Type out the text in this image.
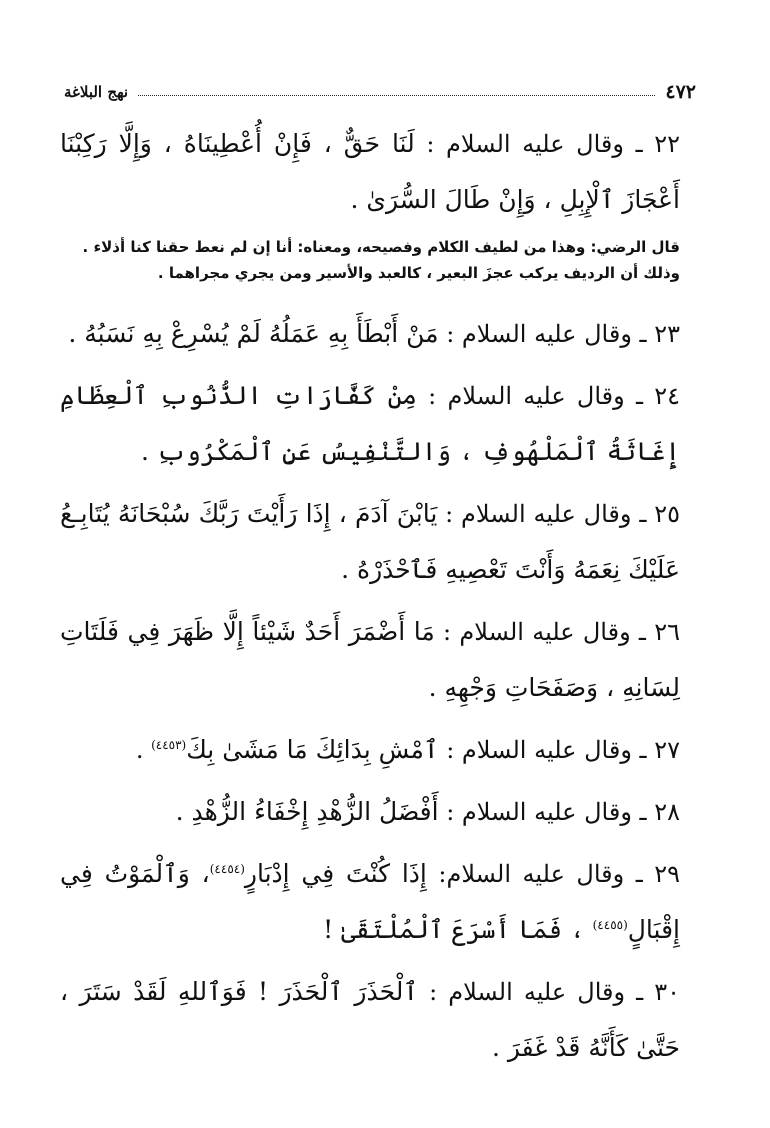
٤٧٢
نهج البلاغة

٢٢ ـ وقال عليه السلام : لَنَا حَقٌّ ، فَإِنْ أُعْطِينَاهُ ، وَإِلَّا رَكِبْنَا أَعْجَازَ ٱلْإِبِلِ ، وَإِنْ طَالَ السُّرَىٰ .

قال الرضي: وهذا من لطيف الكلام وفصيحه، ومعناه: أنا إن لم نعط حقنا كنا أذلاء .
وذلك أن الرديف يركب عجزَ البعير ، كالعبد والأسير ومن يجري مجراهما .

٢٣ ـ وقال عليه السلام : مَنْ أَبْطَأَ بِهِ عَمَلُهُ لَمْ يُسْرِعْ بِهِ نَسَبُهُ .

٢٤ ـ وقال عليه السلام : مِنْ كَفَّارَاتِ الذُّنُوبِ ٱلْعِظَامِ إِغَاثَةُ ٱلْمَلْهُوفِ ، وَالتَّنْفِيسُ عَنِ ٱلْمَكْرُوبِ .

٢٥ ـ وقال عليه السلام : يَابْنَ آدَمَ ، إِذَا رَأَيْتَ رَبَّكَ سُبْحَانَهُ يُتَابِـعُ عَلَيْكَ نِعَمَهُ وَأَنْتَ تَعْصِيهِ فَٱحْذَرْهُ .

٢٦ ـ وقال عليه السلام : مَا أَضْمَرَ أَحَدٌ شَيْئاً إِلَّا ظَهَرَ فِي فَلَتَاتِ لِسَانِهِ ، وَصَفَحَاتِ وَجْهِهِ .

٢٧ ـ وقال عليه السلام : ٱمْشِ بِدَائِكَ مَا مَشَىٰ بِكَ$^{(٤٤٥٣)}$ .

٢٨ ـ وقال عليه السلام : أَفْضَلُ الزُّهْدِ إِخْفَاءُ الزُّهْدِ .

٢٩ ـ وقال عليه السلام: إِذَا كُنْتَ فِي إِدْبَارٍ$^{(٤٤٥٤)}$، وَٱلْمَوْتُ فِي إِقْبَالٍ$^{(٤٤٥٥)}$ ، فَمَا أَسْرَعَ ٱلْمُلْتَقَىٰ !

٣٠ ـ وقال عليه السلام : ٱلْحَذَرَ ٱلْحَذَرَ ! فَوَٱللهِ لَقَدْ سَتَرَ ، حَتَّىٰ كَأَنَّهُ قَدْ غَفَرَ .
